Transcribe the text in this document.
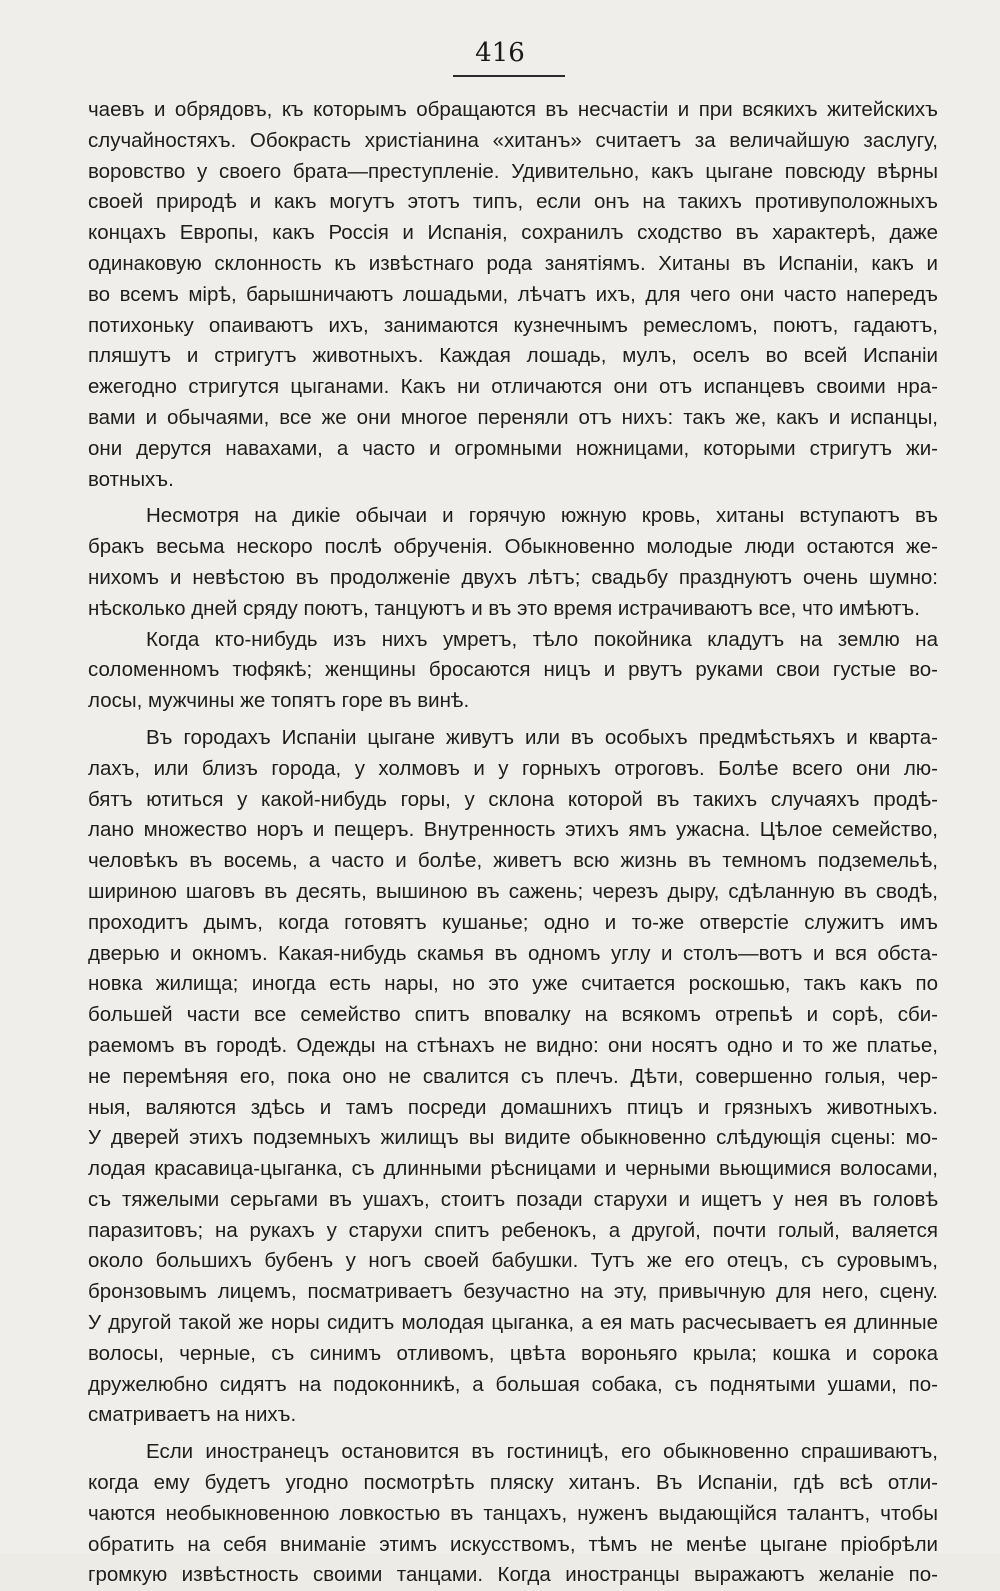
416
чаевъ и обрядовъ, къ которымъ обращаются въ несчастіи и при всякихъ житейскихъ
случайностяхъ. Обокрасть христіанина «хитанъ» считаетъ за величайшую заслугу,
воровство у своего брата—преступленіе. Удивительно, какъ цыгане повсюду вѣрны
своей природѣ и какъ могутъ этотъ типъ, если онъ на такихъ противуположныхъ
концахъ Европы, какъ Россія и Испанія, сохранилъ сходство въ характерѣ, даже
одинаковую склонность къ извѣстнаго рода занятіямъ. Хитаны въ Испаніи, какъ и
во всемъ мірѣ, барышничаютъ лошадьми, лѣчатъ ихъ, для чего они часто напередъ
потихоньку опаиваютъ ихъ, занимаются кузнечнымъ ремесломъ, поютъ, гадаютъ,
пляшутъ и стригутъ животныхъ. Каждая лошадь, мулъ, оселъ во всей Испаніи
ежегодно стригутся цыганами. Какъ ни отличаются они отъ испанцевъ своими нра-
вами и обычаями, все же они многое переняли отъ нихъ: такъ же, какъ и испанцы,
они дерутся навахами, а часто и огромными ножницами, которыми стригутъ жи-
вотныхъ.
Несмотря на дикіе обычаи и горячую южную кровь, хитаны вступаютъ въ
бракъ весьма нескоро послѣ обрученія. Обыкновенно молодые люди остаются же-
нихомъ и невѣстою въ продолженіе двухъ лѣтъ; свадьбу празднуютъ очень шумно:
нѣсколько дней сряду поютъ, танцуютъ и въ это время истрачиваютъ все, что имѣютъ.
Когда кто-нибудь изъ нихъ умретъ, тѣло покойника кладутъ на землю на
соломенномъ тюфякѣ; женщины бросаются ницъ и рвутъ руками свои густые во-
лосы, мужчины же топятъ горе въ винѣ.
Въ городахъ Испаніи цыгане живутъ или въ особыхъ предмѣстьяхъ и кварта-
лахъ, или близъ города, у холмовъ и у горныхъ отроговъ. Болѣе всего они лю-
бятъ ютиться у какой-нибудь горы, у склона которой въ такихъ случаяхъ продѣ-
лано множество норъ и пещеръ. Внутренность этихъ ямъ ужасна. Цѣлое семейство,
человѣкъ въ восемь, а часто и болѣе, живетъ всю жизнь въ темномъ подземельѣ,
шириною шаговъ въ десять, вышиною въ сажень; черезъ дыру, сдѣланную въ сводѣ,
проходитъ дымъ, когда готовятъ кушанье; одно и то-же отверстіе служитъ имъ
дверью и окномъ. Какая-нибудь скамья въ одномъ углу и столъ—вотъ и вся обста-
новка жилища; иногда есть нары, но это уже считается роскошью, такъ какъ по
большей части все семейство спитъ вповалку на всякомъ отрепьѣ и сорѣ, сби-
раемомъ въ городѣ. Одежды на стѣнахъ не видно: они носятъ одно и то же платье,
не перемѣняя его, пока оно не свалится съ плечъ. Дѣти, совершенно голыя, чер-
ныя, валяются здѣсь и тамъ посреди домашнихъ птицъ и грязныхъ животныхъ.
У дверей этихъ подземныхъ жилищъ вы видите обыкновенно слѣдующія сцены: мо-
лодая красавица-цыганка, съ длинными рѣсницами и черными вьющимися волосами,
съ тяжелыми серьгами въ ушахъ, стоитъ позади старухи и ищетъ у нея въ головѣ
паразитовъ; на рукахъ у старухи спитъ ребенокъ, а другой, почти голый, валяется
около большихъ бубенъ у ногъ своей бабушки. Тутъ же его отецъ, съ суровымъ,
бронзовымъ лицемъ, посматриваетъ безучастно на эту, привычную для него, сцену.
У другой такой же норы сидитъ молодая цыганка, а ея мать расчесываетъ ея длинные
волосы, черные, съ синимъ отливомъ, цвѣта вороньяго крыла; кошка и сорока
дружелюбно сидятъ на подоконникѣ, а большая собака, съ поднятыми ушами, по-
сматриваетъ на нихъ.
Если иностранецъ остановится въ гостиницѣ, его обыкновенно спрашиваютъ,
когда ему будетъ угодно посмотрѣть пляску хитанъ. Въ Испаніи, гдѣ всѣ отли-
чаются необыкновенною ловкостью въ танцахъ, нуженъ выдающійся талантъ, чтобы
обратить на себя вниманіе этимъ искусствомъ, тѣмъ не менѣе цыгане пріобрѣли
громкую извѣстность своими танцами. Когда иностранцы выражаютъ желаніе по-
